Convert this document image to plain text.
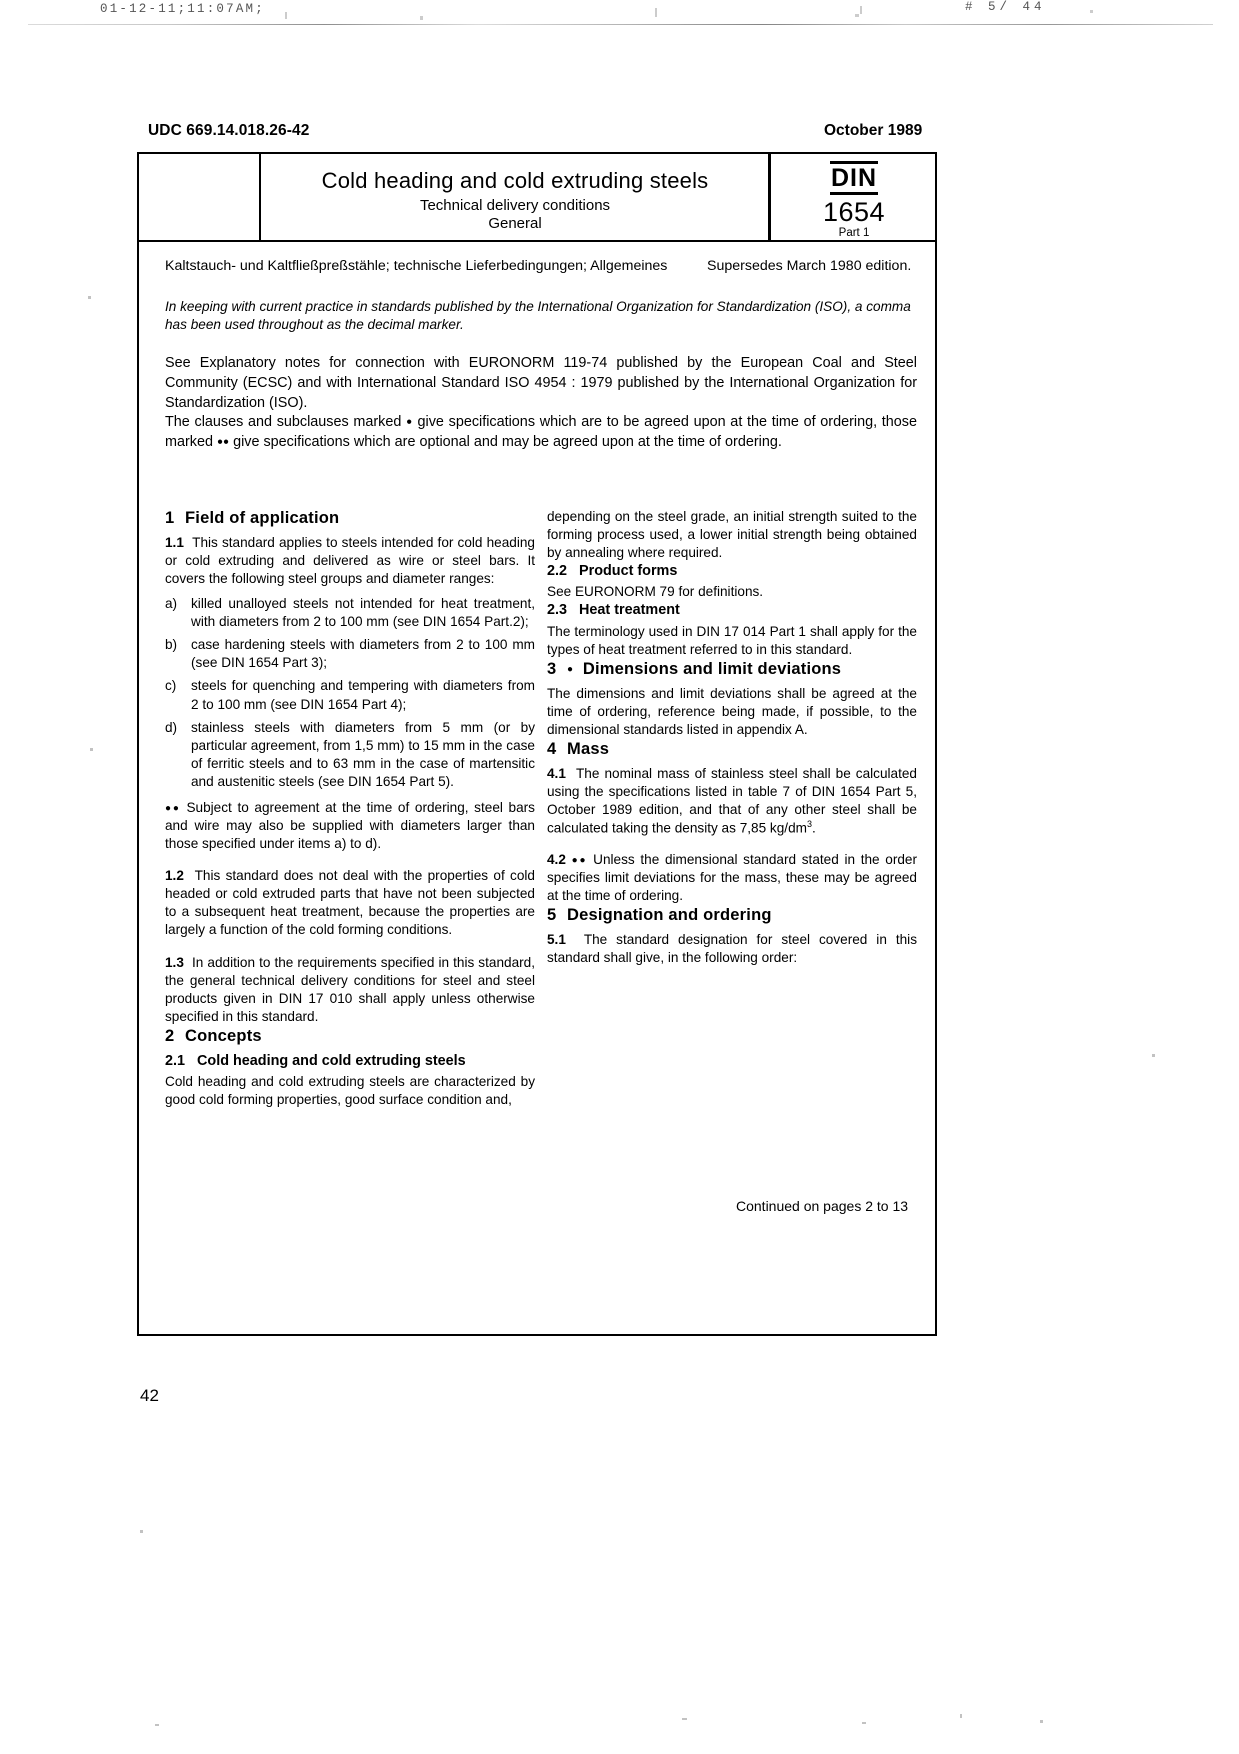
01-12-11;11:07AM;	# 5/ 44
UDC 669.14.018.26-42	October 1989
Cold heading and cold extruding steels
Technical delivery conditions
General
DIN
1654
Part 1
Kaltstauch- und Kaltfließpreßstähle; technische Lieferbedingungen; Allgemeines	Supersedes March 1980 edition.
In keeping with current practice in standards published by the International Organization for Standardization (ISO), a comma has been used throughout as the decimal marker.
See Explanatory notes for connection with EURONORM 119-74 published by the European Coal and Steel Community (ECSC) and with International Standard ISO 4954 : 1979 published by the International Organization for Standardization (ISO).
The clauses and subclauses marked ● give specifications which are to be agreed upon at the time of ordering, those marked ●● give specifications which are optional and may be agreed upon at the time of ordering.
1 Field of application

1.1 This standard applies to steels intended for cold heading or cold extruding and delivered as wire or steel bars. It covers the following steel groups and diameter ranges:

a) killed unalloyed steels not intended for heat treatment, with diameters from 2 to 100 mm (see DIN 1654 Part.2);
b) case hardening steels with diameters from 2 to 100 mm (see DIN 1654 Part 3);
c) steels for quenching and tempering with diameters from 2 to 100 mm (see DIN 1654 Part 4);
d) stainless steels with diameters from 5 mm (or by particular agreement, from 1,5 mm) to 15 mm in the case of ferritic steels and to 63 mm in the case of martensitic and austenitic steels (see DIN 1654 Part 5).

●● Subject to agreement at the time of ordering, steel bars and wire may also be supplied with diameters larger than those specified under items a) to d).

1.2 This standard does not deal with the properties of cold headed or cold extruded parts that have not been subjected to a subsequent heat treatment, because the properties are largely a function of the cold forming conditions.

1.3 In addition to the requirements specified in this standard, the general technical delivery conditions for steel and steel products given in DIN 17 010 shall apply unless otherwise specified in this standard.

2 Concepts
2.1 Cold heading and cold extruding steels

Cold heading and cold extruding steels are characterized by good cold forming properties, good surface condition and,

depending on the steel grade, an initial strength suited to the forming process used, a lower initial strength being obtained by annealing where required.

2.2 Product forms

See EURONORM 79 for definitions.

2.3 Heat treatment

The terminology used in DIN 17 014 Part 1 shall apply for the types of heat treatment referred to in this standard.

3 ● Dimensions and limit deviations

The dimensions and limit deviations shall be agreed at the time of ordering, reference being made, if possible, to the dimensional standards listed in appendix A.

4 Mass

4.1 The nominal mass of stainless steel shall be calculated using the specifications listed in table 7 of DIN 1654 Part 5, October 1989 edition, and that of any other steel shall be calculated taking the density as 7,85 $kg/dm^3$.

4.2 ●● Unless the dimensional standard stated in the order specifies limit deviations for the mass, these may be agreed at the time of ordering.

5 Designation and ordering

5.1 The standard designation for steel covered in this standard shall give, in the following order:

Continued on pages 2 to 13
42
